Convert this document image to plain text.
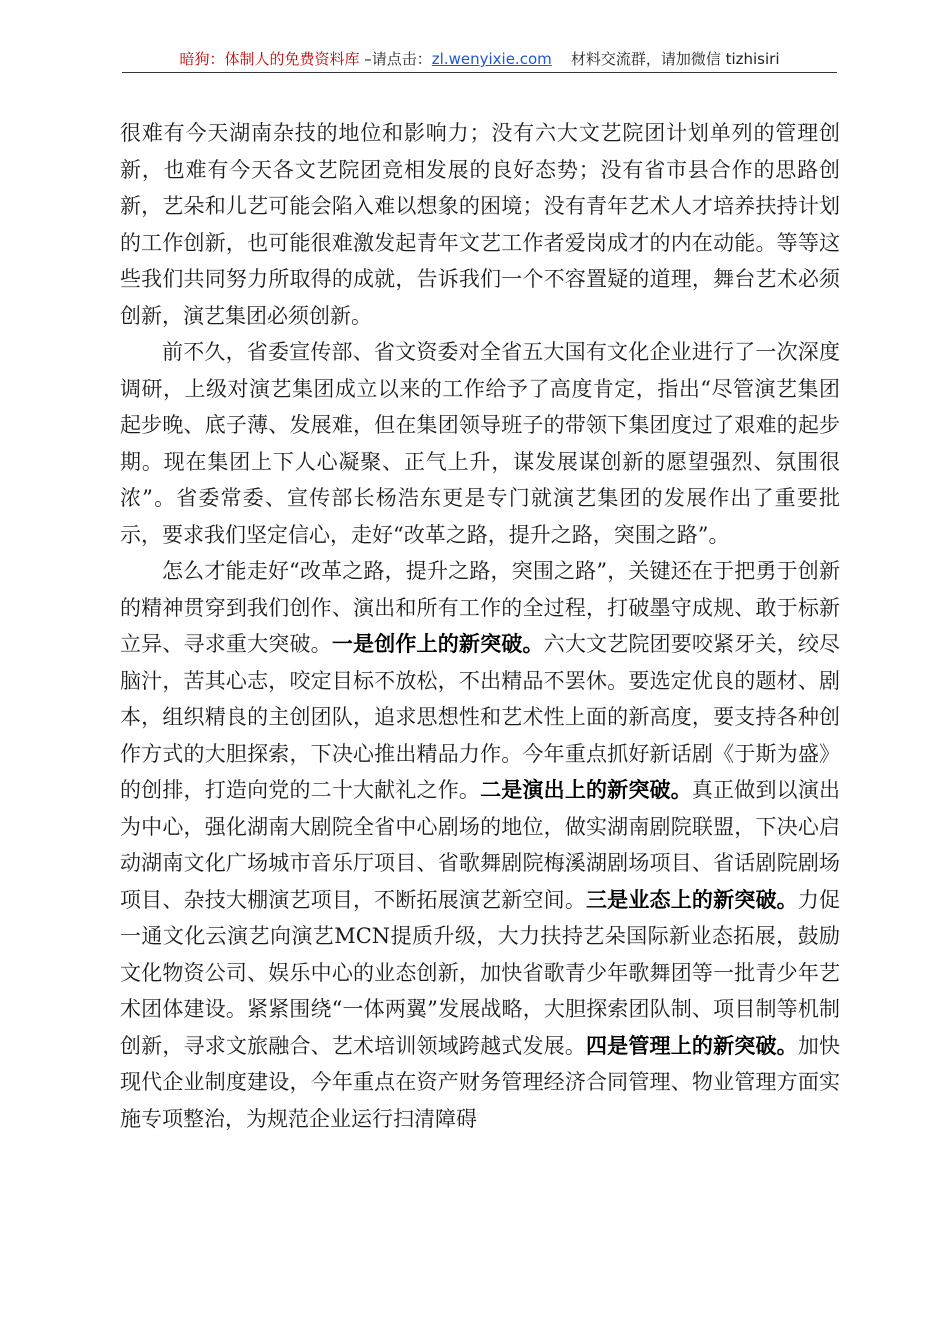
暗狗：体制人的免费资料库 –请点击：zl.wenyixie.com 材料交流群，请加微信 tizhisiri

很难有今天湖南杂技的地位和影响力；没有六大文艺院团计划单列的管理创新，也难有今天各文艺院团竞相发展的良好态势；没有省市县合作的思路创新，艺朵和儿艺可能会陷入难以想象的困境；没有青年艺术人才培养扶持计划的工作创新，也可能很难激发起青年文艺工作者爱岗成才的内在动能。等等这些我们共同努力所取得的成就，告诉我们一个不容置疑的道理，舞台艺术必须创新，演艺集团必须创新。

前不久，省委宣传部、省文资委对全省五大国有文化企业进行了一次深度调研，上级对演艺集团成立以来的工作给予了高度肯定，指出“尽管演艺集团起步晚、底子薄、发展难，但在集团领导班子的带领下集团度过了艰难的起步期。现在集团上下人心凝聚、正气上升，谋发展谋创新的愿望强烈、氛围很浓”。省委常委、宣传部长杨浩东更是专门就演艺集团的发展作出了重要批示，要求我们坚定信心，走好“改革之路，提升之路，突围之路”。

怎么才能走好“改革之路，提升之路，突围之路”，关键还在于把勇于创新的精神贯穿到我们创作、演出和所有工作的全过程，打破墨守成规、敢于标新立异、寻求重大突破。一是创作上的新突破。六大文艺院团要咬紧牙关，绞尽脑汁，苦其心志，咬定目标不放松，不出精品不罢休。要选定优良的题材、剧本，组织精良的主创团队，追求思想性和艺术性上面的新高度，要支持各种创作方式的大胆探索，下决心推出精品力作。今年重点抓好新话剧《于斯为盛》的创排，打造向党的二十大献礼之作。二是演出上的新突破。真正做到以演出为中心，强化湖南大剧院全省中心剧场的地位，做实湖南剧院联盟，下决心启动湖南文化广场城市音乐厅项目、省歌舞剧院梅溪湖剧场项目、省话剧院剧场项目、杂技大棚演艺项目，不断拓展演艺新空间。三是业态上的新突破。力促一通文化云演艺向演艺MCN提质升级，大力扶持艺朵国际新业态拓展，鼓励文化物资公司、娱乐中心的业态创新，加快省歌青少年歌舞团等一批青少年艺术团体建设。紧紧围绕“一体两翼”发展战略，大胆探索团队制、项目制等机制创新，寻求文旅融合、艺术培训领域跨越式发展。四是管理上的新突破。加快现代企业制度建设，今年重点在资产财务管理经济合同管理、物业管理方面实施专项整治，为规范企业运行扫清障碍
